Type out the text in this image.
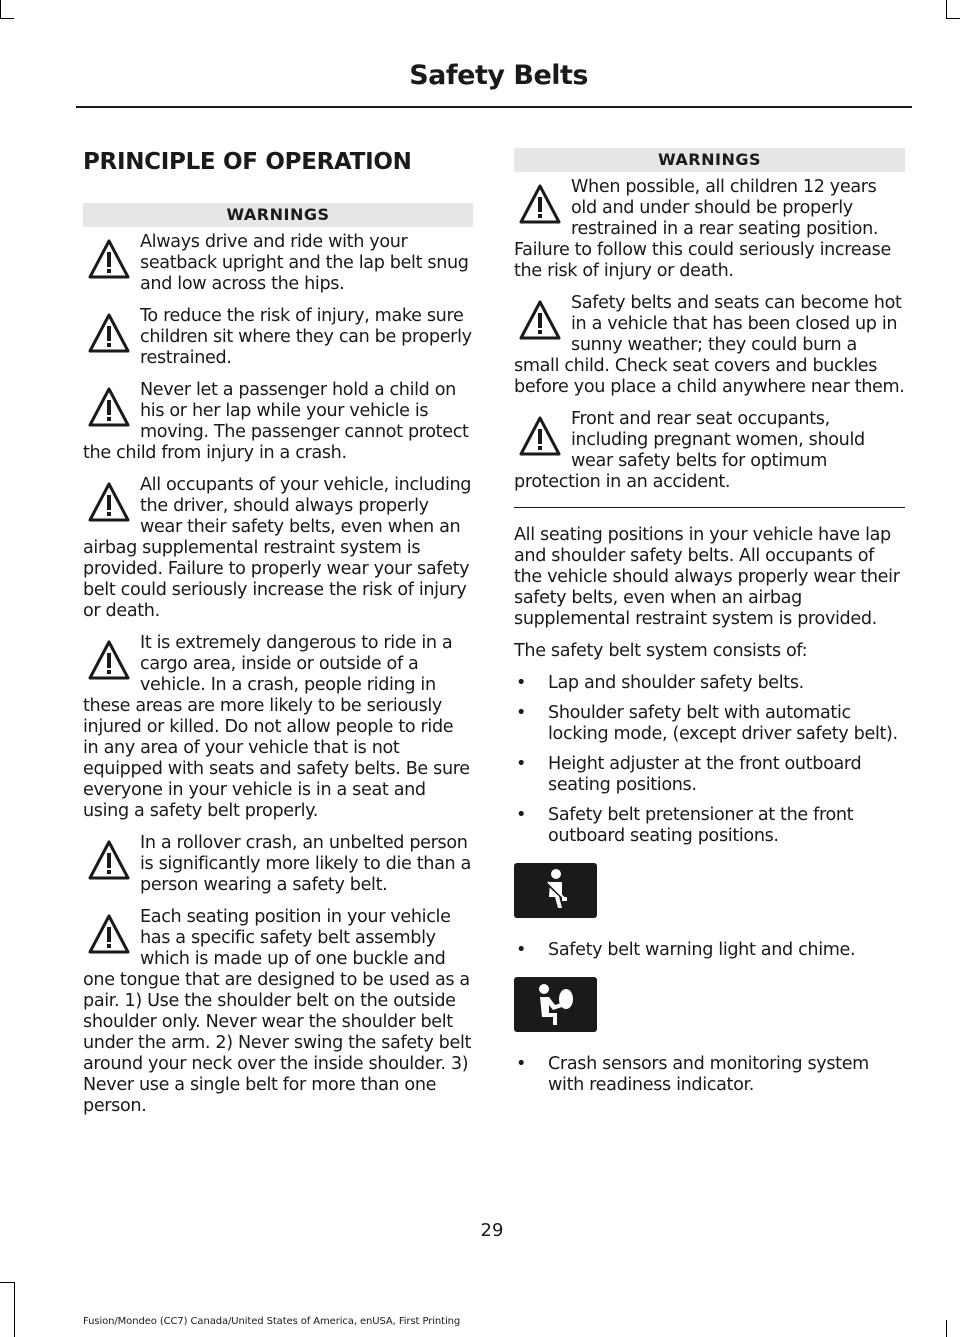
Safety Belts
PRINCIPLE OF OPERATION
WARNINGS

Always drive and ride with your seatback upright and the lap belt snug and low across the hips.

To reduce the risk of injury, make sure children sit where they can be properly restrained.

Never let a passenger hold a child on his or her lap while your vehicle is moving. The passenger cannot protect the child from injury in a crash.

All occupants of your vehicle, including the driver, should always properly wear their safety belts, even when an airbag supplemental restraint system is provided. Failure to properly wear your safety belt could seriously increase the risk of injury or death.

It is extremely dangerous to ride in a cargo area, inside or outside of a vehicle. In a crash, people riding in these areas are more likely to be seriously injured or killed. Do not allow people to ride in any area of your vehicle that is not equipped with seats and safety belts. Be sure everyone in your vehicle is in a seat and using a safety belt properly.

In a rollover crash, an unbelted person is significantly more likely to die than a person wearing a safety belt.

Each seating position in your vehicle has a specific safety belt assembly which is made up of one buckle and one tongue that are designed to be used as a pair. 1) Use the shoulder belt on the outside shoulder only. Never wear the shoulder belt under the arm. 2) Never swing the safety belt around your neck over the inside shoulder. 3) Never use a single belt for more than one person.

WARNINGS

When possible, all children 12 years old and under should be properly restrained in a rear seating position. Failure to follow this could seriously increase the risk of injury or death.

Safety belts and seats can become hot in a vehicle that has been closed up in sunny weather; they could burn a small child. Check seat covers and buckles before you place a child anywhere near them.

Front and rear seat occupants, including pregnant women, should wear safety belts for optimum protection in an accident.

All seating positions in your vehicle have lap and shoulder safety belts. All occupants of the vehicle should always properly wear their safety belts, even when an airbag supplemental restraint system is provided.

The safety belt system consists of:

• Lap and shoulder safety belts.
• Shoulder safety belt with automatic locking mode, (except driver safety belt).
• Height adjuster at the front outboard seating positions.
• Safety belt pretensioner at the front outboard seating positions.
• Safety belt warning light and chime.
• Crash sensors and monitoring system with readiness indicator.
29
Fusion/Mondeo (CC7) Canada/United States of America, enUSA, First Printing
